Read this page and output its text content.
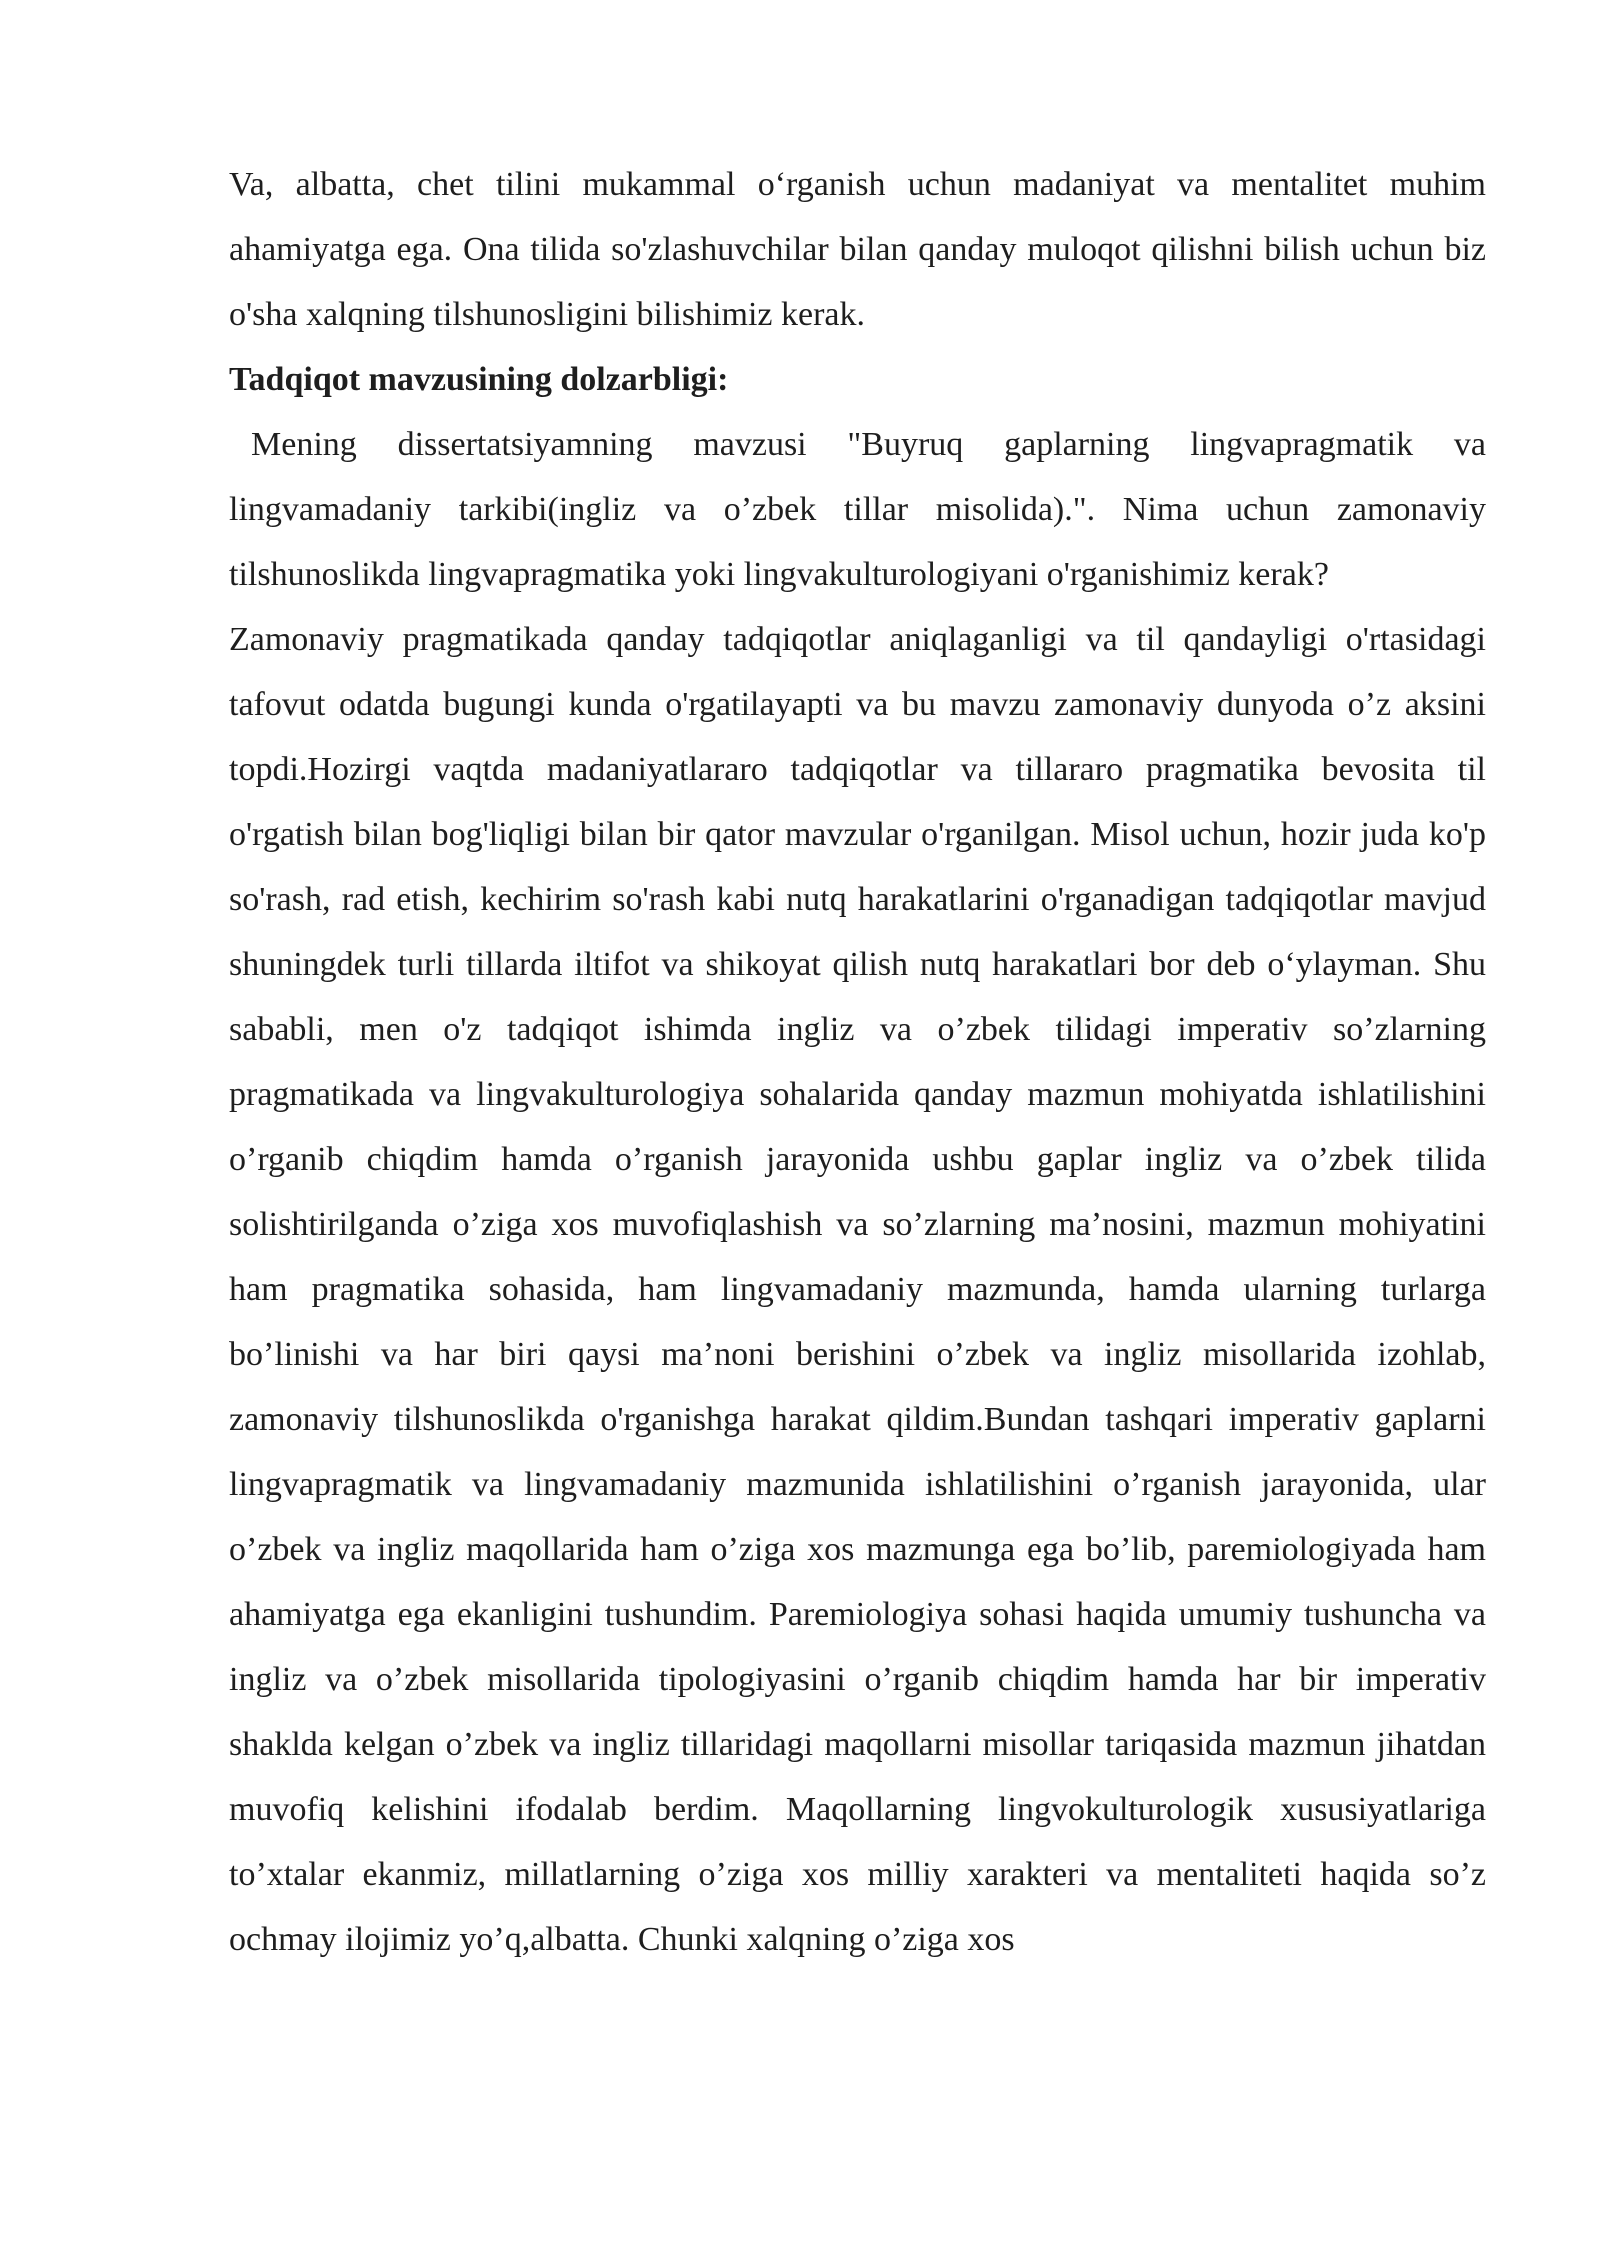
Va, albatta, chet tilini mukammal o‘rganish uchun madaniyat va mentalitet muhim ahamiyatga ega. Ona tilida so'zlashuvchilar bilan qanday muloqot qilishni bilish uchun biz o'sha xalqning tilshunosligini bilishimiz kerak.

Tadqiqot mavzusining dolzarbligi:

Mening dissertatsiyamning mavzusi "Buyruq gaplarning lingvapragmatik va lingvamadaniy tarkibi(ingliz va o’zbek tillar misolida).". Nima uchun zamonaviy tilshunoslikda lingvapragmatika yoki lingvakulturologiyani o'rganishimiz kerak?

Zamonaviy pragmatikada qanday tadqiqotlar aniqlaganligi va til qandayligi o'rtasidagi tafovut odatda bugungi kunda o'rgatilayapti va bu mavzu zamonaviy dunyoda o’z aksini topdi.Hozirgi vaqtda madaniyatlararo tadqiqotlar va tillararo pragmatika bevosita til o'rgatish bilan bog'liqligi bilan bir qator mavzular o'rganilgan. Misol uchun, hozir juda ko'p so'rash, rad etish, kechirim so'rash kabi nutq harakatlarini o'rganadigan tadqiqotlar mavjud shuningdek turli tillarda iltifot va shikoyat qilish nutq harakatlari bor deb o‘ylayman. Shu sababli, men o'z tadqiqot ishimda ingliz va o’zbek tilidagi imperativ so’zlarning pragmatikada va lingvakulturologiya sohalarida qanday mazmun mohiyatda ishlatilishini o’rganib chiqdim hamda o’rganish jarayonida ushbu gaplar ingliz va o’zbek tilida solishtirilganda o’ziga xos muvofiqlashish va so’zlarning ma’nosini, mazmun mohiyatini ham pragmatika sohasida, ham lingvamadaniy mazmunda, hamda ularning turlarga bo’linishi va har biri qaysi ma’noni berishini o’zbek va ingliz misollarida izohlab, zamonaviy tilshunoslikda o'rganishga harakat qildim.Bundan tashqari imperativ gaplarni lingvapragmatik va lingvamadaniy mazmunida ishlatilishini o’rganish jarayonida, ular o’zbek va ingliz maqollarida ham o’ziga xos mazmunga ega bo’lib, paremiologiyada ham ahamiyatga ega ekanligini tushundim. Paremiologiya sohasi haqida umumiy tushuncha va ingliz va o’zbek misollarida tipologiyasini o’rganib chiqdim hamda har bir imperativ shaklda kelgan o’zbek va ingliz tillaridagi maqollarni misollar tariqasida mazmun jihatdan muvofiq kelishini ifodalab berdim. Maqollarning lingvokulturologik xususiyatlariga to’xtalar ekanmiz, millatlarning o’ziga xos milliy xarakteri va mentaliteti haqida so’z ochmay ilojimiz yo’q,albatta. Chunki xalqning o’ziga xos
